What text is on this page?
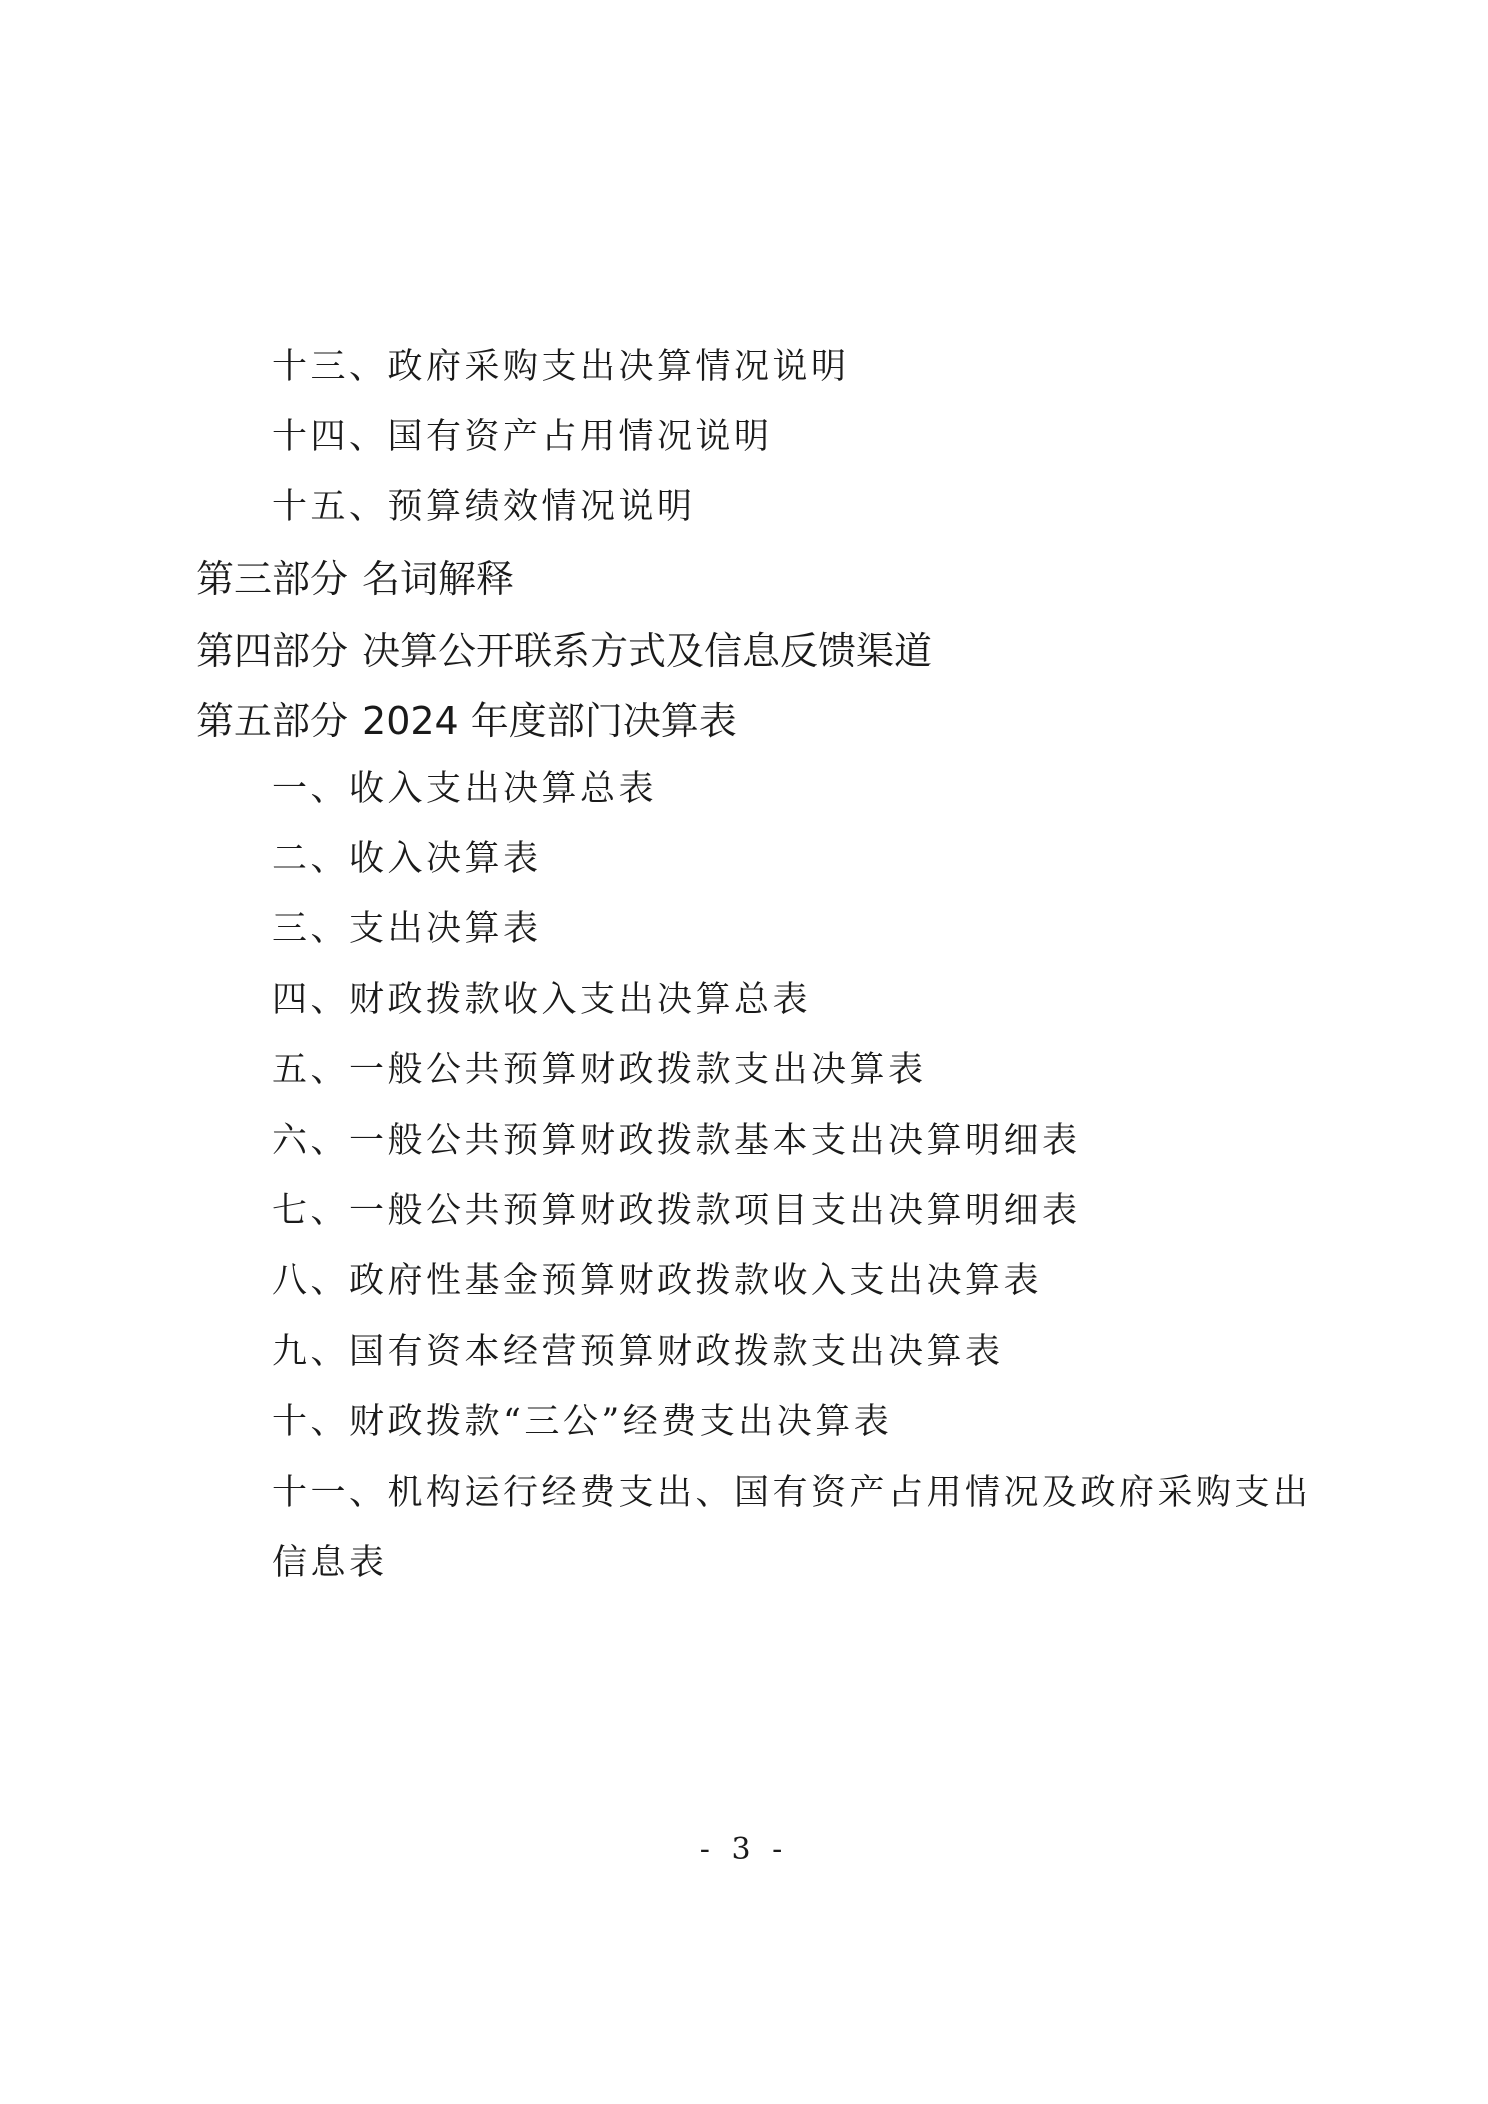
十三、政府采购支出决算情况说明
十四、国有资产占用情况说明
十五、预算绩效情况说明
第三部分 名词解释
第四部分 决算公开联系方式及信息反馈渠道
第五部分 2024 年度部门决算表
一、收入支出决算总表
二、收入决算表
三、支出决算表
四、财政拨款收入支出决算总表
五、一般公共预算财政拨款支出决算表
六、一般公共预算财政拨款基本支出决算明细表
七、一般公共预算财政拨款项目支出决算明细表
八、政府性基金预算财政拨款收入支出决算表
九、国有资本经营预算财政拨款支出决算表
十、财政拨款“三公”经费支出决算表
十一、机构运行经费支出、国有资产占用情况及政府采购支出信息表
- 3 -
